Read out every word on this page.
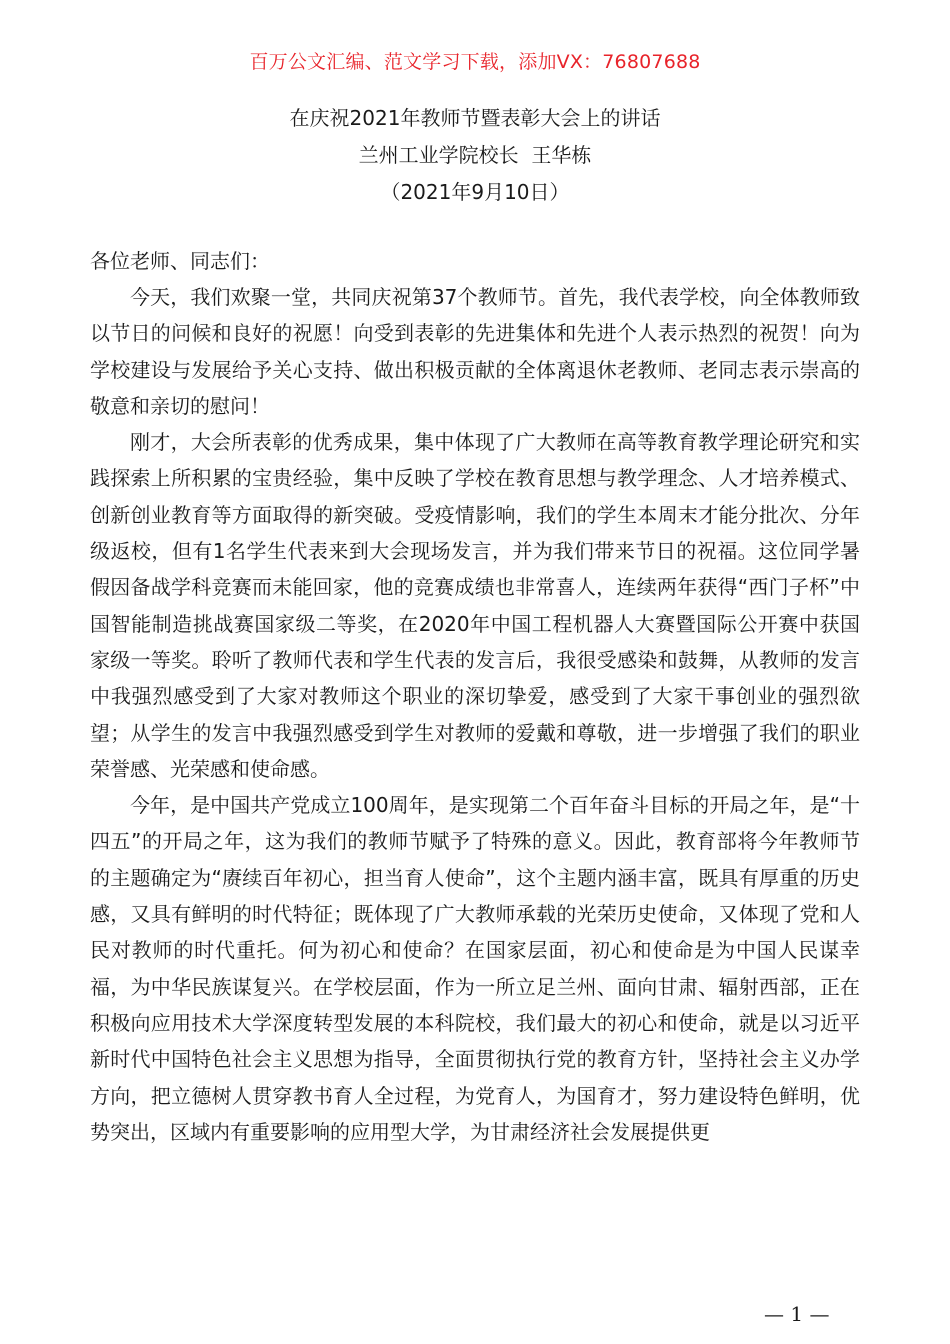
百万公文汇编、范文学习下载，添加VX：76807688
在庆祝2021年教师节暨表彰大会上的讲话
兰州工业学院校长  王华栋
（2021年9月10日）
各位老师、同志们：

今天，我们欢聚一堂，共同庆祝第37个教师节。首先，我代表学校，向全体教师致以节日的问候和良好的祝愿！向受到表彰的先进集体和先进个人表示热烈的祝贺！向为学校建设与发展给予关心支持、做出积极贡献的全体离退休老教师、老同志表示崇高的敬意和亲切的慰问！

刚才，大会所表彰的优秀成果，集中体现了广大教师在高等教育教学理论研究和实践探索上所积累的宝贵经验，集中反映了学校在教育思想与教学理念、人才培养模式、创新创业教育等方面取得的新突破。受疫情影响，我们的学生本周末才能分批次、分年级返校，但有1名学生代表来到大会现场发言，并为我们带来节日的祝福。这位同学暑假因备战学科竞赛而未能回家，他的竞赛成绩也非常喜人，连续两年获得“西门子杯”中国智能制造挑战赛国家级二等奖，在2020年中国工程机器人大赛暨国际公开赛中获国家级一等奖。聆听了教师代表和学生代表的发言后，我很受感染和鼓舞，从教师的发言中我强烈感受到了大家对教师这个职业的深切挚爱，感受到了大家干事创业的强烈欲望；从学生的发言中我强烈感受到学生对教师的爱戴和尊敬，进一步增强了我们的职业荣誉感、光荣感和使命感。

今年，是中国共产党成立100周年，是实现第二个百年奋斗目标的开局之年，是“十四五”的开局之年，这为我们的教师节赋予了特殊的意义。因此，教育部将今年教师节的主题确定为“赓续百年初心，担当育人使命”，这个主题内涵丰富，既具有厚重的历史感，又具有鲜明的时代特征；既体现了广大教师承载的光荣历史使命，又体现了党和人民对教师的时代重托。何为初心和使命？在国家层面，初心和使命是为中国人民谋幸福，为中华民族谋复兴。在学校层面，作为一所立足兰州、面向甘肃、辐射西部，正在积极向应用技术大学深度转型发展的本科院校，我们最大的初心和使命，就是以习近平新时代中国特色社会主义思想为指导，全面贯彻执行党的教育方针，坚持社会主义办学方向，把立德树人贯穿教书育人全过程，为党育人，为国育才，努力建设特色鲜明，优势突出，区域内有重要影响的应用型大学，为甘肃经济社会发展提供更

— 1 —
